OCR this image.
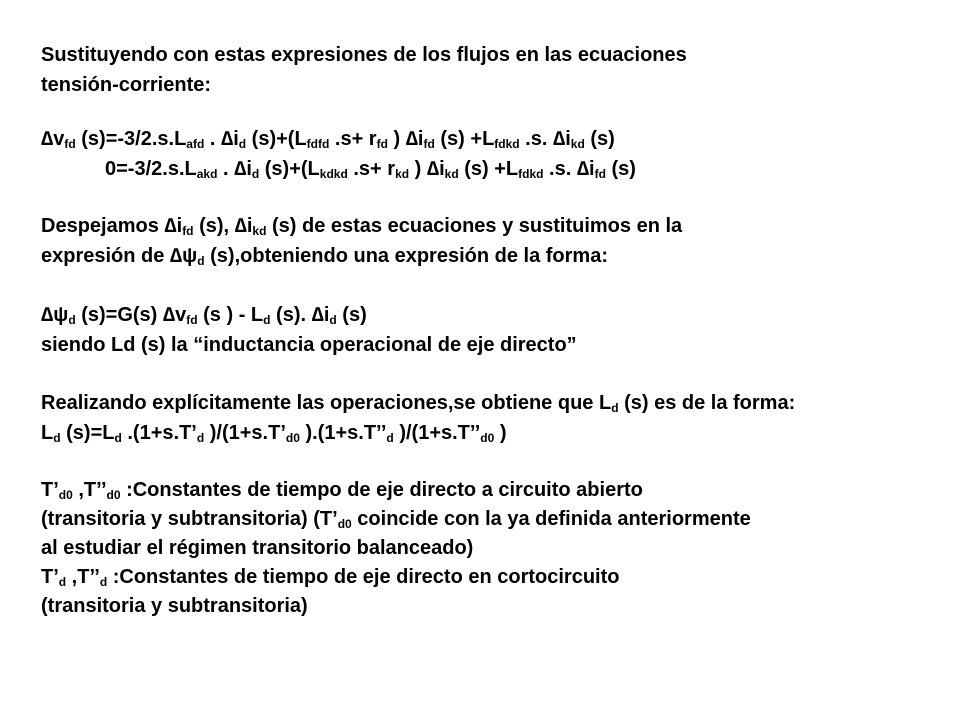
Sustituyendo con estas expresiones de los flujos en las ecuaciones
tensión-corriente:
$\Delta v_{fd}$ $(s)=-3/2.s.L_{afd}$ . $\Delta i_d$ $(s)+(L_{fdfd}$ $.s+ r_{fd}$ ) $\Delta i_{fd}$ $(s) +L_{fdkd}$ .s. $\Delta i_{kd}$ (s)
$0=-3/2.s.L_{akd}$ . $\Delta i_d$ $(s)+(L_{kdkd}$ $.s+ r_{kd}$ ) $\Delta i_{kd}$ $(s) +L_{fdkd}$ .s. $\Delta i_{fd}$ (s)
Despejamos $\Delta i_{fd}$ (s), $\Delta i_{kd}$ (s) de estas ecuaciones y sustituimos en la
expresión de $\Delta\psi_d$ (s),obteniendo una expresión de la forma:
$\Delta\psi_d$ (s)=G(s) $\Delta v_{fd}$ (s ) - $L_d$ (s). $\Delta i_d$ (s)
siendo Ld (s) la “inductancia operacional de eje directo”
Realizando explícitamente las operaciones,se obtiene que $L_d$ (s) es de la forma:
$L_d$ $(s)=L_d$ $.(1+s.T’_d$ )$/(1+s.T’_{d0}$ )$.(1+s.T’’_d$ )$/(1+s.T’’_{d0}$ )
$T’_{d0}$ $,T’’_{d0}$ :Constantes de tiempo de eje directo a circuito abierto
(transitoria y subtransitoria) ($T’_{d0}$ coincide con la ya definida anteriormente
al estudiar el régimen transitorio balanceado)
$T’_d$ $,T’’_d$ :Constantes de tiempo de eje directo en cortocircuito
(transitoria y subtransitoria)
